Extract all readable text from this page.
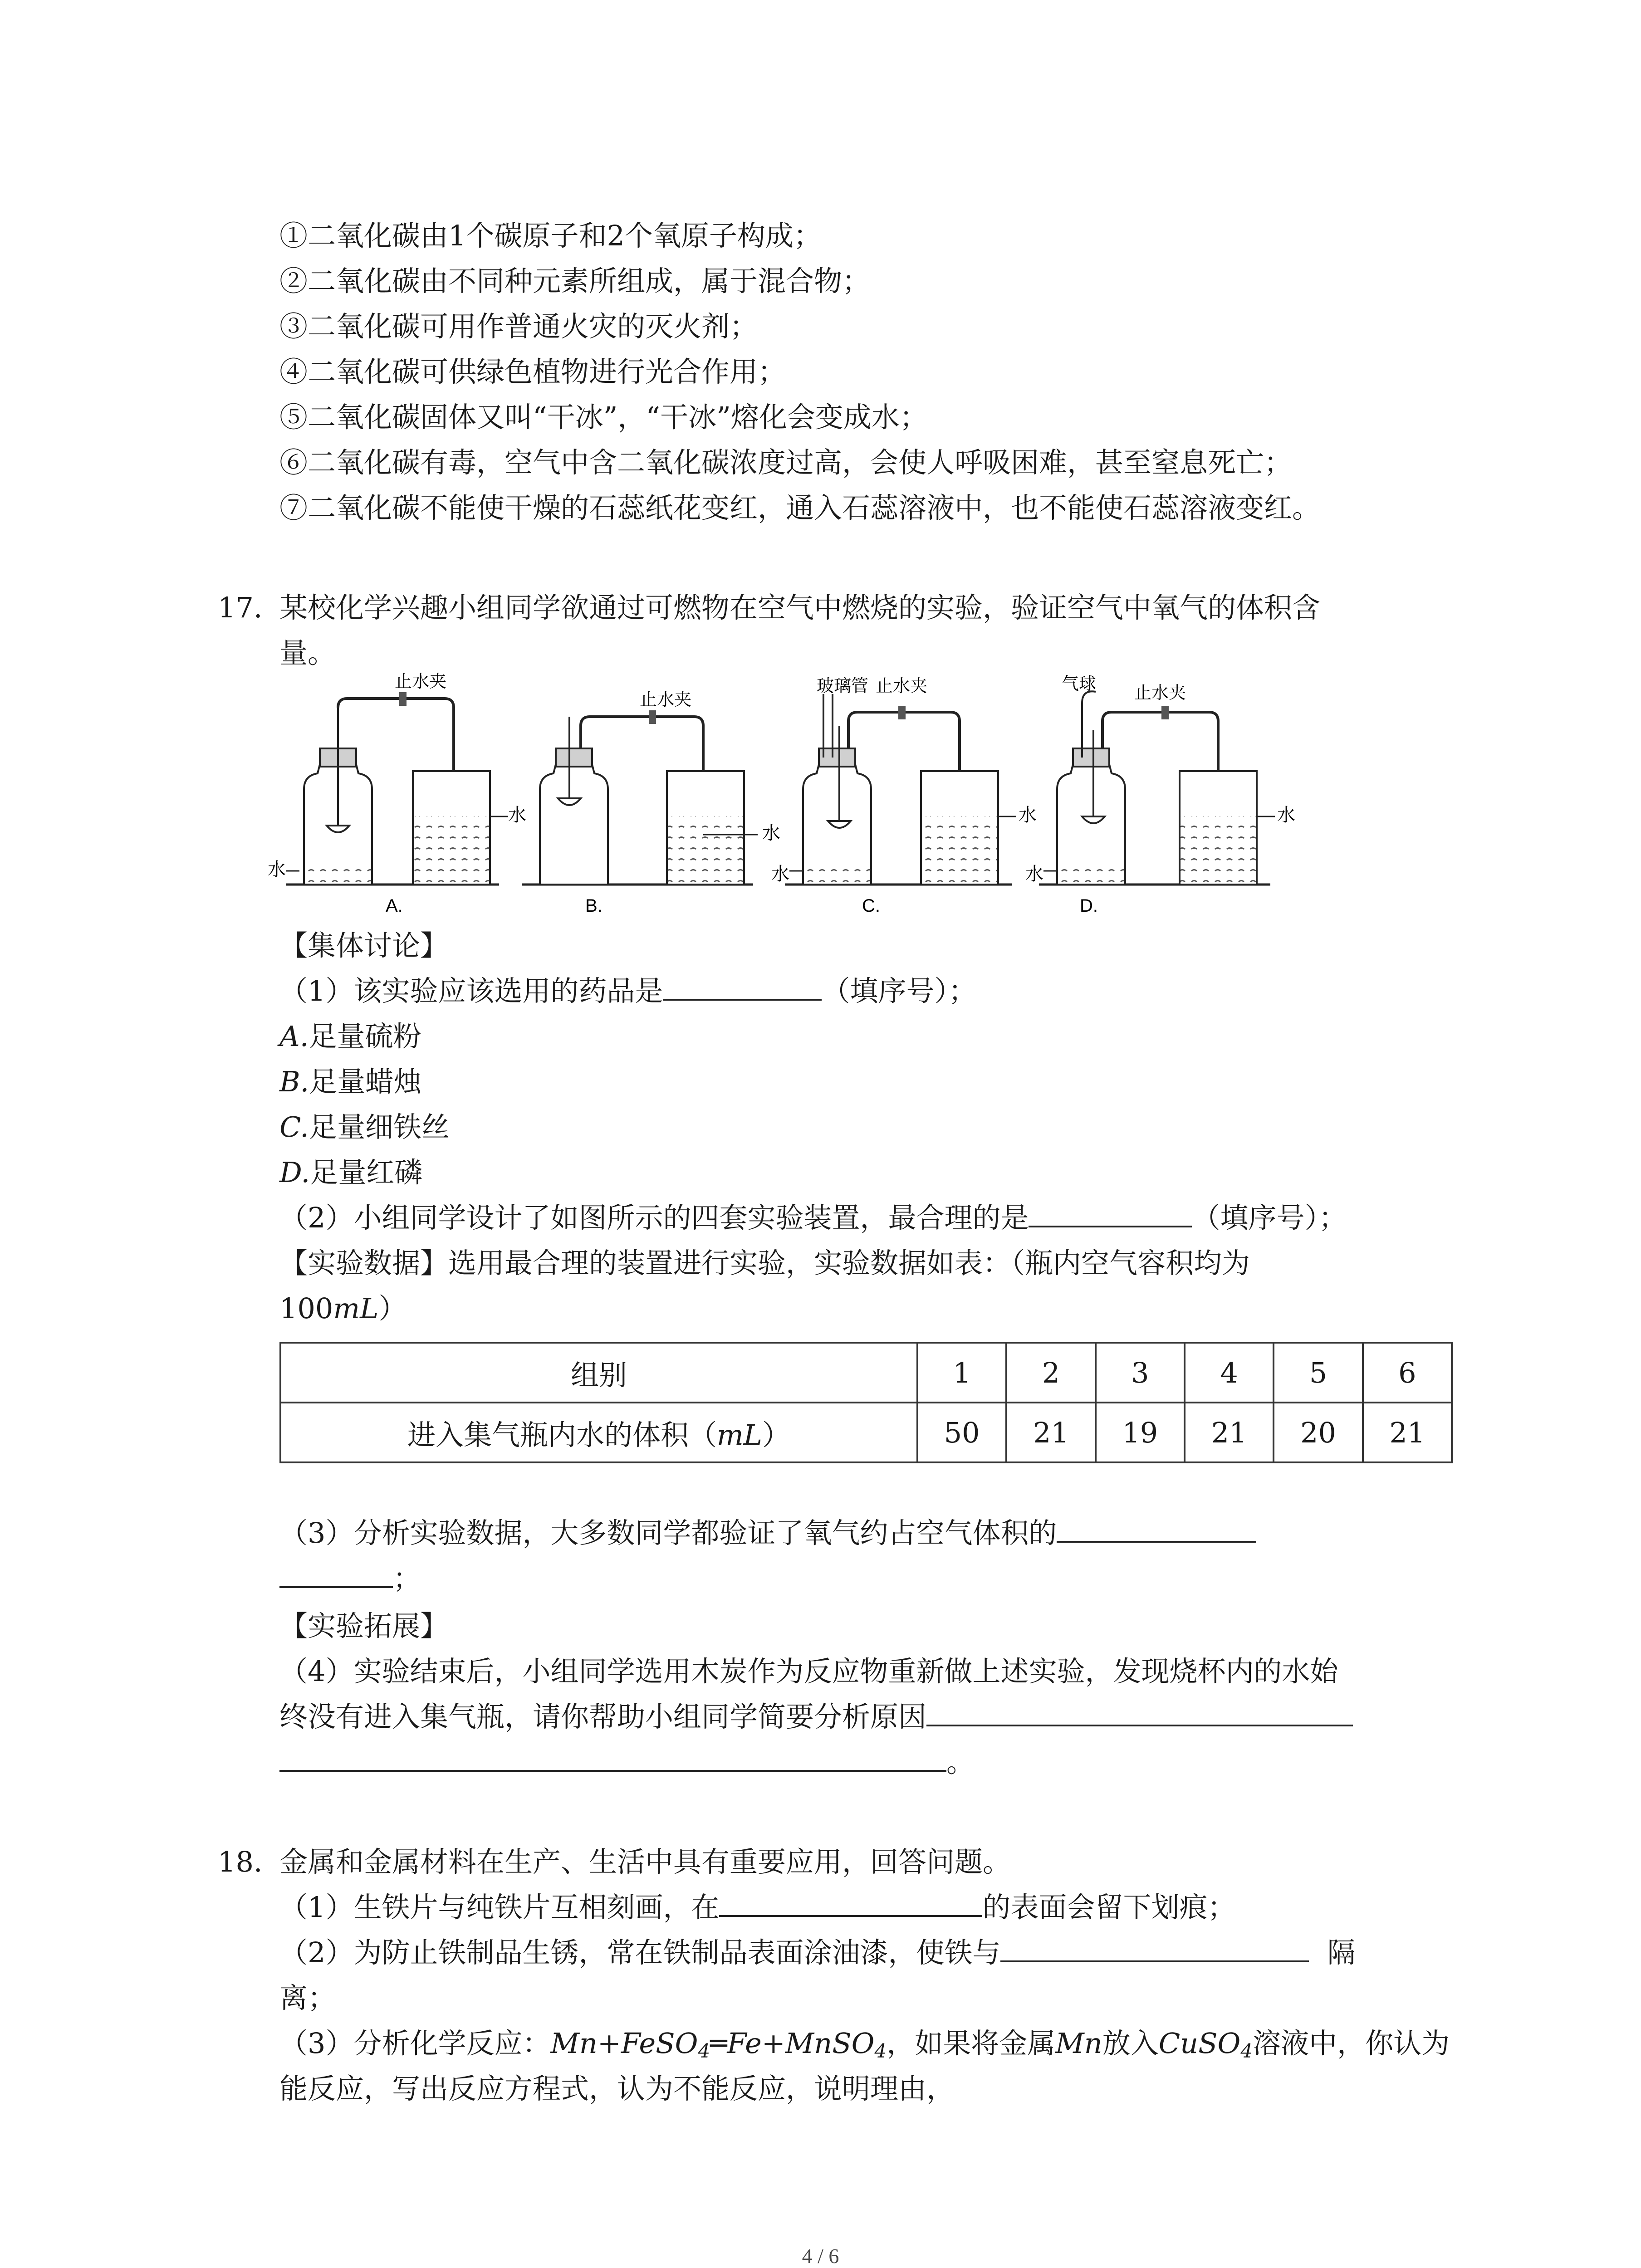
①二氧化碳由1个碳原子和2个氧原子构成；
②二氧化碳由不同种元素所组成，属于混合物；
③二氧化碳可用作普通火灾的灭火剂；
④二氧化碳可供绿色植物进行光合作用；
⑤二氧化碳固体又叫“干冰”，“干冰”熔化会变成水；
⑥二氧化碳有毒，空气中含二氧化碳浓度过高，会使人呼吸困难，甚至窒息死亡；
⑦二氧化碳不能使干燥的石蕊纸花变红，通入石蕊溶液中，也不能使石蕊溶液变红。
17. 某校化学兴趣小组同学欲通过可燃物在空气中燃烧的实验，验证空气中氧气的体积含
量。
水
水
止水夹
A.
水
止水夹
B.
水
水
玻璃管 止水夹
C.
水
水
气球 止水夹
D.
【集体讨论】
（1）该实验应该选用的药品是	（填序号）；
A.足量硫粉
B.足量蜡烛
C.足量细铁丝
D.足量红磷
（2）小组同学设计了如图所示的四套实验装置，最合理的是	（填序号）；
【实验数据】选用最合理的装置进行实验，实验数据如表：（瓶内空气容积均为
100mL）
组别	1	2	3	4	5	6
进入集气瓶内水的体积（mL）	50	21	19	21	20	21
（3）分析实验数据，大多数同学都验证了氧气约占空气体积的
；
【实验拓展】
（4）实验结束后，小组同学选用木炭作为反应物重新做上述实验，发现烧杯内的水始
终没有进入集气瓶，请你帮助小组同学简要分析原因
。
18. 金属和金属材料在生产、生活中具有重要应用，回答问题。
（1）生铁片与纯铁片互相刻画，在	的表面会留下划痕；
（2）为防止铁制品生锈，常在铁制品表面涂油漆，使铁与	隔
离；
（3）分析化学反应：Mn+FeSO$_4$═Fe+MnSO$_4$，如果将金属Mn放入CuSO$_4$溶液中，你认为
能反应，写出反应方程式，认为不能反应，说明理由，
4 / 6
